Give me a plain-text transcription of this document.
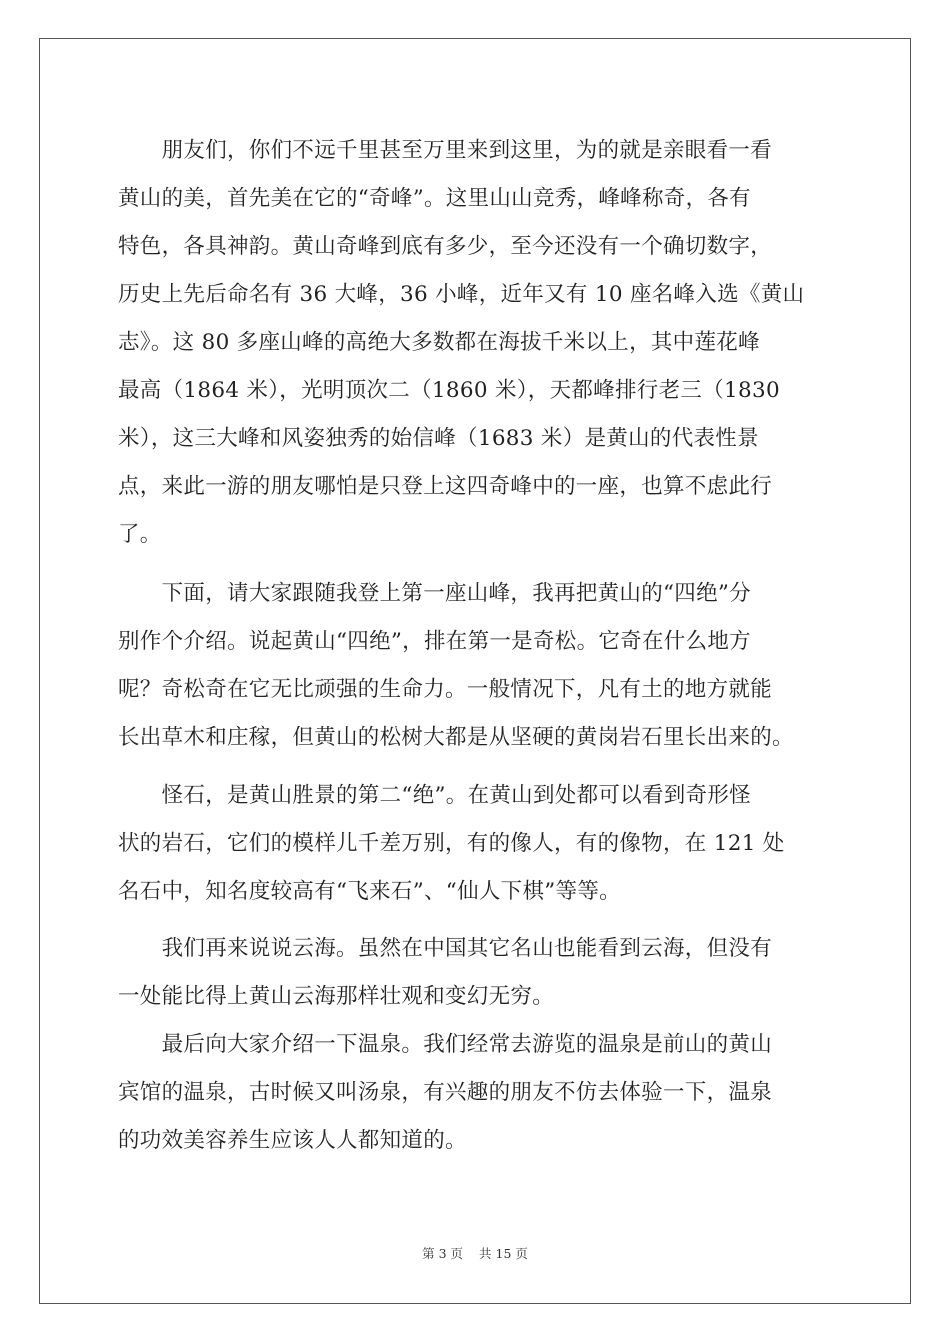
　　朋友们，你们不远千里甚至万里来到这里，为的就是亲眼看一看
黄山的美，首先美在它的“奇峰”。这里山山竞秀，峰峰称奇，各有
特色，各具神韵。黄山奇峰到底有多少，至今还没有一个确切数字，
历史上先后命名有 36 大峰，36 小峰，近年又有 10 座名峰入选《黄山
志》。这 80 多座山峰的高绝大多数都在海拔千米以上，其中莲花峰
最高（1864 米），光明顶次二（1860 米），天都峰排行老三（1830
米），这三大峰和风姿独秀的始信峰（1683 米）是黄山的代表性景
点，来此一游的朋友哪怕是只登上这四奇峰中的一座，也算不虑此行
了。
　　下面，请大家跟随我登上第一座山峰，我再把黄山的“四绝”分
别作个介绍。说起黄山“四绝”，排在第一是奇松。它奇在什么地方
呢？奇松奇在它无比顽强的生命力。一般情况下，凡有土的地方就能
长出草木和庄稼，但黄山的松树大都是从坚硬的黄岗岩石里长出来的。
　　怪石，是黄山胜景的第二“绝”。在黄山到处都可以看到奇形怪
状的岩石，它们的模样儿千差万别，有的像人，有的像物，在 121 处
名石中，知名度较高有“飞来石”、“仙人下棋”等等。
　　我们再来说说云海。虽然在中国其它名山也能看到云海，但没有
一处能比得上黄山云海那样壮观和变幻无穷。
　　最后向大家介绍一下温泉。我们经常去游览的温泉是前山的黄山
宾馆的温泉，古时候又叫汤泉，有兴趣的朋友不仿去体验一下，温泉
的功效美容养生应该人人都知道的。
第 3 页 共 15 页
